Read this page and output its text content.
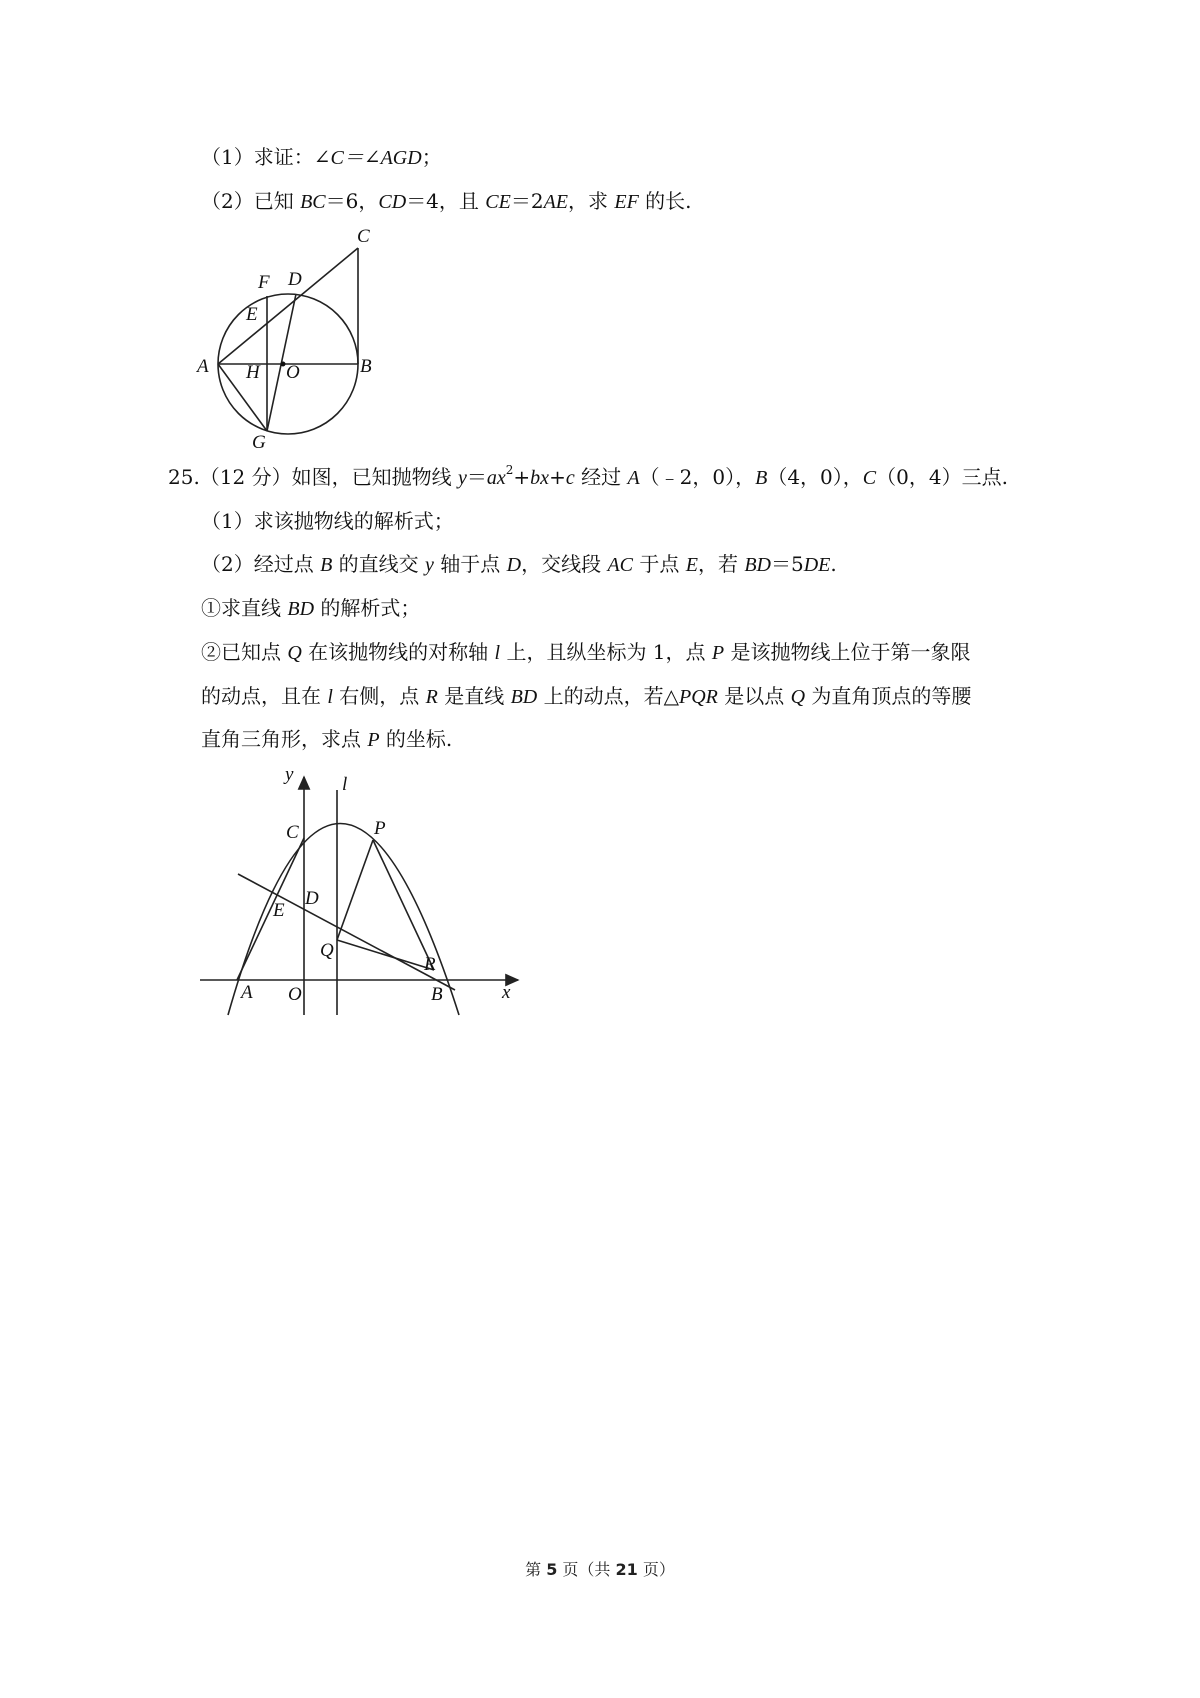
（1）求证：∠C＝∠AGD；
（2）已知 BC＝6，CD＝4，且 CE＝2AE，求 EF 的长.
C
F D
E
A H O	B
G
25.（12 分）如图，已知抛物线 $y=ax^2+bx+c$ 经过 A（﹣2，0），B（4，0），C（0，4）三点.
（1）求该抛物线的解析式；
（2）经过点 B 的直线交 y 轴于点 D，交线段 AC 于点 E，若 BD＝5DE.
①求直线 BD 的解析式；
②已知点 Q 在该抛物线的对称轴 l 上，且纵坐标为 1，点 P 是该抛物线上位于第一象限
的动点，且在 l 右侧，点 R 是直线 BD 上的动点，若△PQR 是以点 Q 为直角顶点的等腰
直角三角形，求点 P 的坐标.
y	l
C	P
D
E
Q
R
A O	B	x
第 5 页（共 21 页）
